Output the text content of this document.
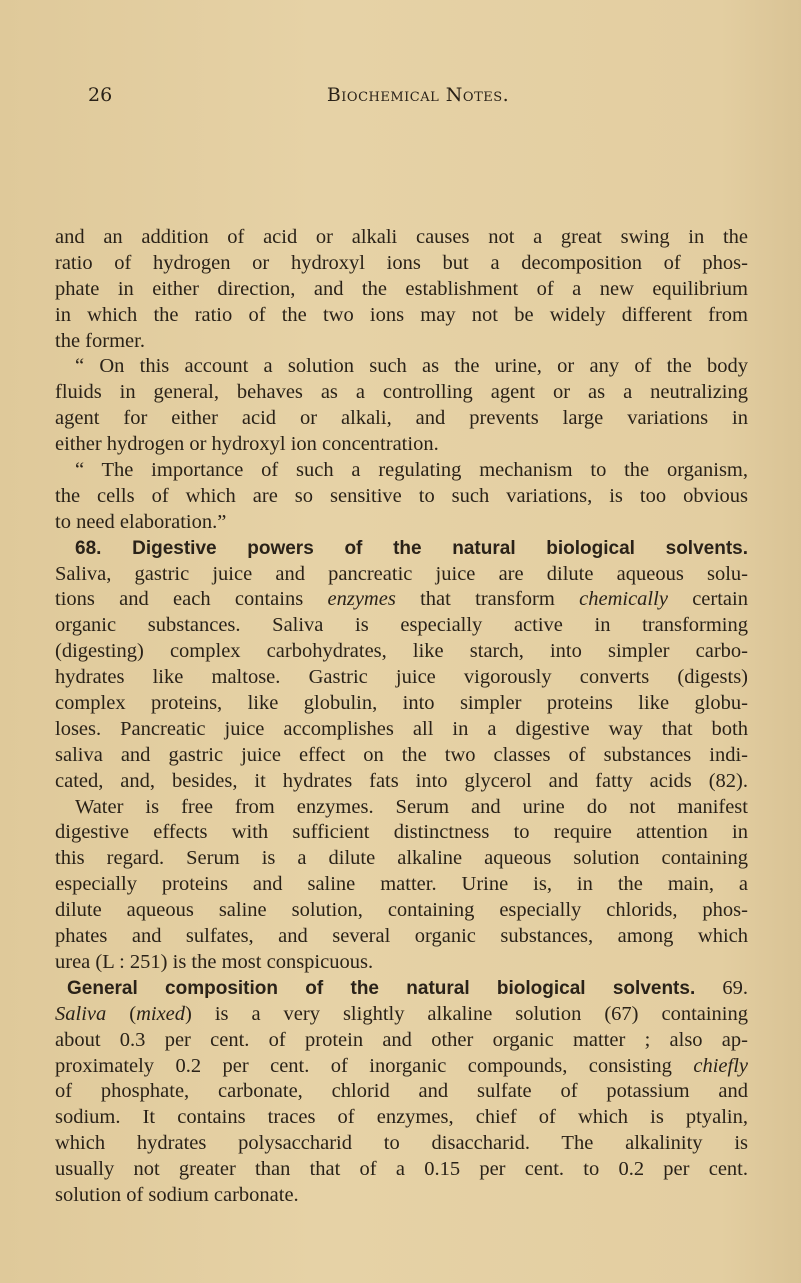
26	Biochemical Notes.
and an addition of acid or alkali causes not a great swing in the
ratio of hydrogen or hydroxyl ions but a decomposition of phos-
phate in either direction, and the establishment of a new equilibrium
in which the ratio of the two ions may not be widely different from
the former.
“ On this account a solution such as the urine, or any of the body
fluids in general, behaves as a controlling agent or as a neutralizing
agent for either acid or alkali, and prevents large variations in
either hydrogen or hydroxyl ion concentration.
“ The importance of such a regulating mechanism to the organism,
the cells of which are so sensitive to such variations, is too obvious
to need elaboration.”
68. Digestive powers of the natural biological solvents.
Saliva, gastric juice and pancreatic juice are dilute aqueous solu-
tions and each contains enzymes that transform chemically certain
organic substances. Saliva is especially active in transforming
(digesting) complex carbohydrates, like starch, into simpler carbo-
hydrates like maltose. Gastric juice vigorously converts (digests)
complex proteins, like globulin, into simpler proteins like globu-
loses. Pancreatic juice accomplishes all in a digestive way that both
saliva and gastric juice effect on the two classes of substances indi-
cated, and, besides, it hydrates fats into glycerol and fatty acids (82).
Water is free from enzymes. Serum and urine do not manifest
digestive effects with sufficient distinctness to require attention in
this regard. Serum is a dilute alkaline aqueous solution containing
especially proteins and saline matter. Urine is, in the main, a
dilute aqueous saline solution, containing especially chlorids, phos-
phates and sulfates, and several organic substances, among which
urea (L : 251) is the most conspicuous.
General composition of the natural biological solvents. 69.
Saliva (mixed) is a very slightly alkaline solution (67) containing
about 0.3 per cent. of protein and other organic matter ; also ap-
proximately 0.2 per cent. of inorganic compounds, consisting chiefly
of phosphate, carbonate, chlorid and sulfate of potassium and
sodium. It contains traces of enzymes, chief of which is ptyalin,
which hydrates polysaccharid to disaccharid. The alkalinity is
usually not greater than that of a 0.15 per cent. to 0.2 per cent.
solution of sodium carbonate.
